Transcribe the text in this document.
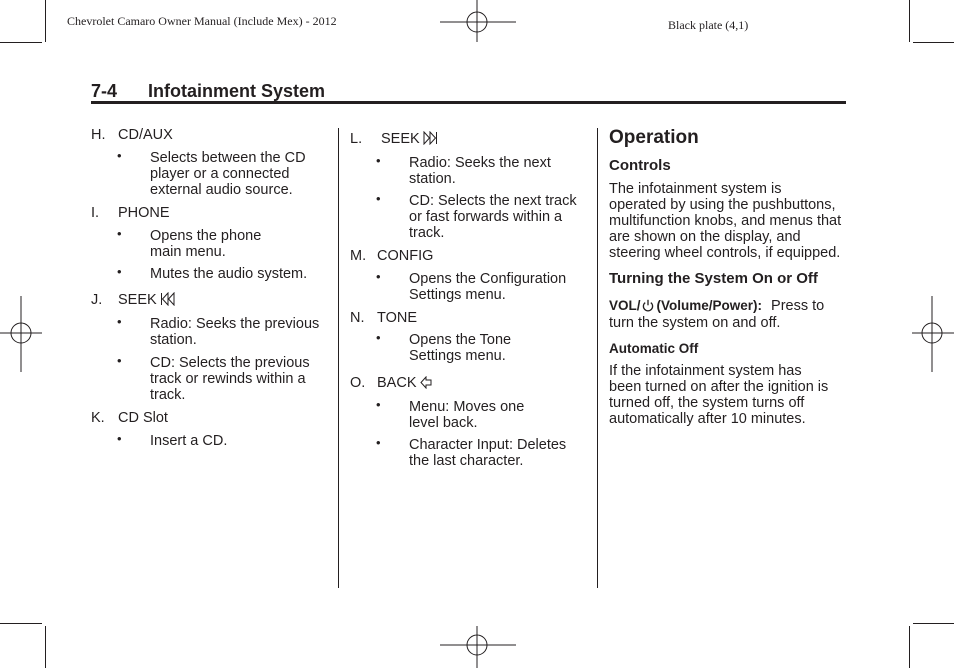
Chevrolet Camaro Owner Manual (Include Mex) - 2012	Black plate (4,1)
7-4 Infotainment System
H. CD/AUX
• Selects between the CD
player or a connected
external audio source.
I. PHONE
• Opens the phone
main menu.
• Mutes the audio system.
J. SEEK
• Radio: Seeks the previous
station.
• CD: Selects the previous
track or rewinds within a
track.
K. CD Slot
• Insert a CD.
L. SEEK
• Radio: Seeks the next
station.
• CD: Selects the next track
or fast forwards within a
track.
M. CONFIG
• Opens the Configuration
Settings menu.
N. TONE
• Opens the Tone
Settings menu.
O. BACK
• Menu: Moves one
level back.
• Character Input: Deletes
the last character.
Operation
Controls
The infotainment system is
operated by using the pushbuttons,
multifunction knobs, and menus that
are shown on the display, and
steering wheel controls, if equipped.
Turning the System On or Off
VOL/ (Volume/Power): Press to
turn the system on and off.
Automatic Off
If the infotainment system has
been turned on after the ignition is
turned off, the system turns off
automatically after 10 minutes.
